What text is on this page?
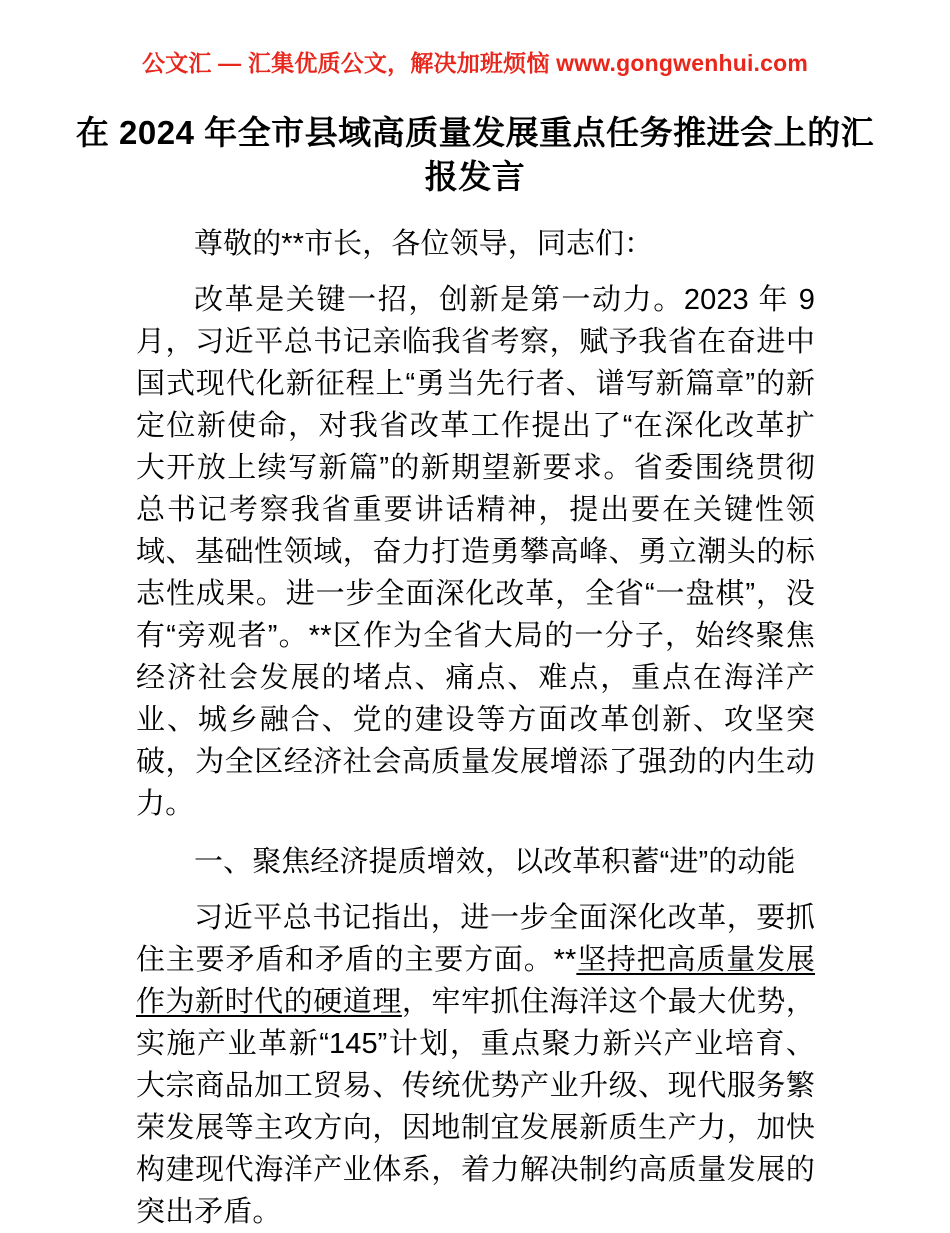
公文汇 — 汇集优质公文，解决加班烦恼 www.gongwenhui.com
在 2024 年全市县域高质量发展重点任务推进会上的汇报发言

尊敬的**市长，各位领导，同志们：

改革是关键一招，创新是第一动力。2023 年 9 月，习近平总书记亲临我省考察，赋予我省在奋进中国式现代化新征程上“勇当先行者、谱写新篇章”的新定位新使命，对我省改革工作提出了“在深化改革扩大开放上续写新篇”的新期望新要求。省委围绕贯彻总书记考察我省重要讲话精神，提出要在关键性领域、基础性领域，奋力打造勇攀高峰、勇立潮头的标志性成果。进一步全面深化改革，全省“一盘棋”，没有“旁观者”。**区作为全省大局的一分子，始终聚焦经济社会发展的堵点、痛点、难点，重点在海洋产业、城乡融合、党的建设等方面改革创新、攻坚突破，为全区经济社会高质量发展增添了强劲的内生动力。

一、聚焦经济提质增效，以改革积蓄“进”的动能

习近平总书记指出，进一步全面深化改革，要抓住主要矛盾和矛盾的主要方面。**坚持把高质量发展作为新时代的硬道理，牢牢抓住海洋这个最大优势，实施产业革新“145”计划，重点聚力新兴产业培育、大宗商品加工贸易、传统优势产业升级、现代服务繁荣发展等主攻方向，因地制宜发展新质生产力，加快构建现代海洋产业体系，着力解决制约高质量发展的突出矛盾。
